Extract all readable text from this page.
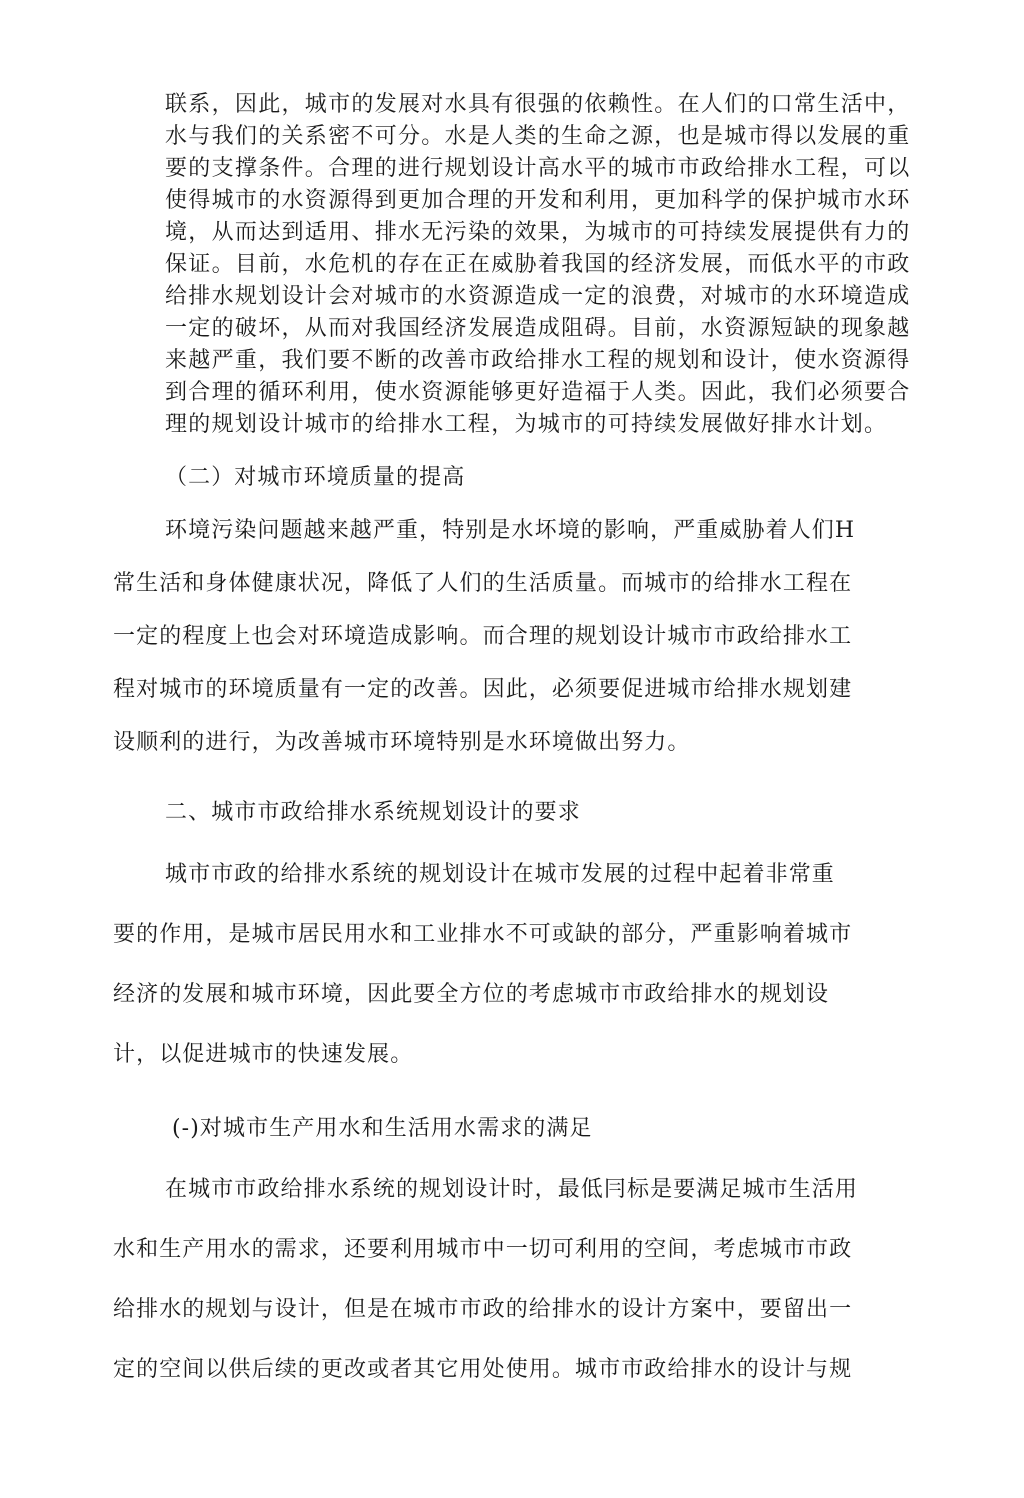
联系，因此，城市的发展对水具有很强的依赖性。在人们的口常生活中，

水与我们的关系密不可分。水是人类的生命之源，也是城市得以发展的重

要的支撑条件。合理的进行规划设计高水平的城市市政给排水工程，可以

使得城市的水资源得到更加合理的开发和利用，更加科学的保护城市水环

境，从而达到适用、排水无污染的效果，为城市的可持续发展提供有力的

保证。目前，水危机的存在正在威胁着我国的经济发展，而低水平的市政

给排水规划设计会对城市的水资源造成一定的浪费，对城市的水环境造成

一定的破坏，从而对我国经济发展造成阻碍。目前，水资源短缺的现象越

来越严重，我们要不断的改善市政给排水工程的规划和设计，使水资源得

到合理的循环利用，使水资源能够更好造福于人类。因此，我们必须要合

理的规划设计城市的给排水工程，为城市的可持续发展做好排水计划。

（二）对城市环境质量的提高

环境污染问题越来越严重，特别是水坏境的影响，严重威胁着人们H

常生活和身体健康状况，降低了人们的生活质量。而城市的给排水工程在

一定的程度上也会对环境造成影响。而合理的规划设计城市市政给排水工

程对城市的环境质量有一定的改善。因此，必须要促进城市给排水规划建

设顺利的进行，为改善城市环境特别是水环境做出努力。

二、城市市政给排水系统规划设计的要求

城市市政的给排水系统的规划设计在城市发展的过程中起着非常重

要的作用，是城市居民用水和工业排水不可或缺的部分，严重影响着城市

经济的发展和城市环境，因此要全方位的考虑城市市政给排水的规划设

计，以促进城市的快速发展。

(-)对城市生产用水和生活用水需求的满足

在城市市政给排水系统的规划设计时，最低冃标是要满足城市生活用

水和生产用水的需求，还要利用城市中一切可利用的空间，考虑城市市政

给排水的规划与设计，但是在城市市政的给排水的设计方案中，要留出一

定的空间以供后续的更改或者其它用处使用。城市市政给排水的设计与规
